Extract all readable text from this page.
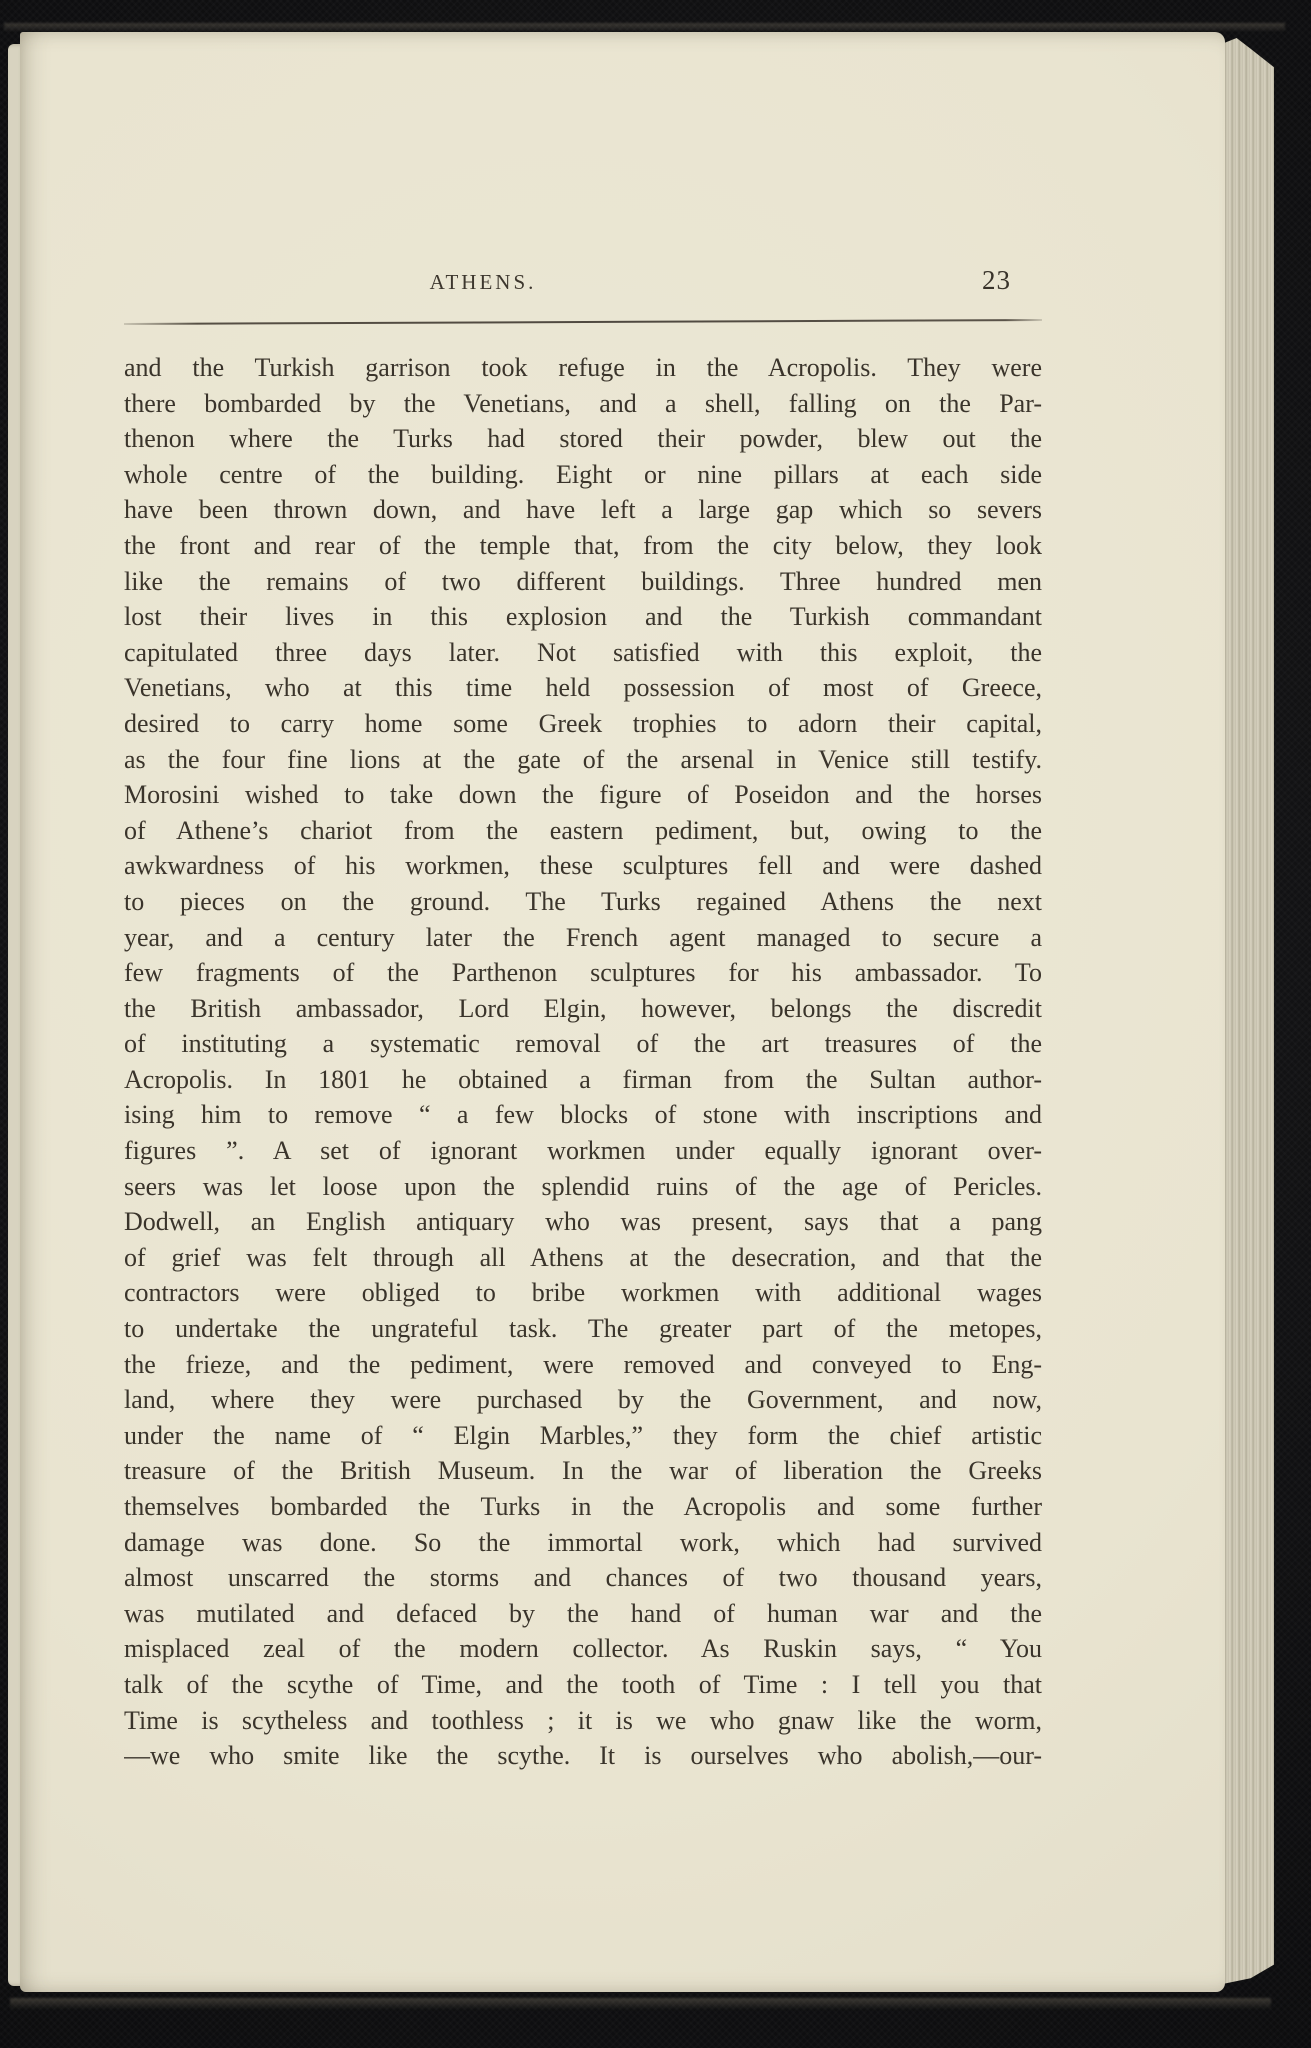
ATHENS.	23
and the Turkish garrison took refuge in the Acropolis. They were
there bombarded by the Venetians, and a shell, falling on the Par-
thenon where the Turks had stored their powder, blew out the
whole centre of the building. Eight or nine pillars at each side
have been thrown down, and have left a large gap which so severs
the front and rear of the temple that, from the city below, they look
like the remains of two different buildings. Three hundred men
lost their lives in this explosion and the Turkish commandant
capitulated three days later. Not satisfied with this exploit, the
Venetians, who at this time held possession of most of Greece,
desired to carry home some Greek trophies to adorn their capital,
as the four fine lions at the gate of the arsenal in Venice still testify.
Morosini wished to take down the figure of Poseidon and the horses
of Athene’s chariot from the eastern pediment, but, owing to the
awkwardness of his workmen, these sculptures fell and were dashed
to pieces on the ground. The Turks regained Athens the next
year, and a century later the French agent managed to secure a
few fragments of the Parthenon sculptures for his ambassador. To
the British ambassador, Lord Elgin, however, belongs the discredit
of instituting a systematic removal of the art treasures of the
Acropolis. In 1801 he obtained a firman from the Sultan author-
ising him to remove “ a few blocks of stone with inscriptions and
figures ”. A set of ignorant workmen under equally ignorant over-
seers was let loose upon the splendid ruins of the age of Pericles.
Dodwell, an English antiquary who was present, says that a pang
of grief was felt through all Athens at the desecration, and that the
contractors were obliged to bribe workmen with additional wages
to undertake the ungrateful task. The greater part of the metopes,
the frieze, and the pediment, were removed and conveyed to Eng-
land, where they were purchased by the Government, and now,
under the name of “ Elgin Marbles,” they form the chief artistic
treasure of the British Museum. In the war of liberation the Greeks
themselves bombarded the Turks in the Acropolis and some further
damage was done. So the immortal work, which had survived
almost unscarred the storms and chances of two thousand years,
was mutilated and defaced by the hand of human war and the
misplaced zeal of the modern collector. As Ruskin says, “ You
talk of the scythe of Time, and the tooth of Time : I tell you that
Time is scytheless and toothless ; it is we who gnaw like the worm,
—we who smite like the scythe. It is ourselves who abolish,—our-
